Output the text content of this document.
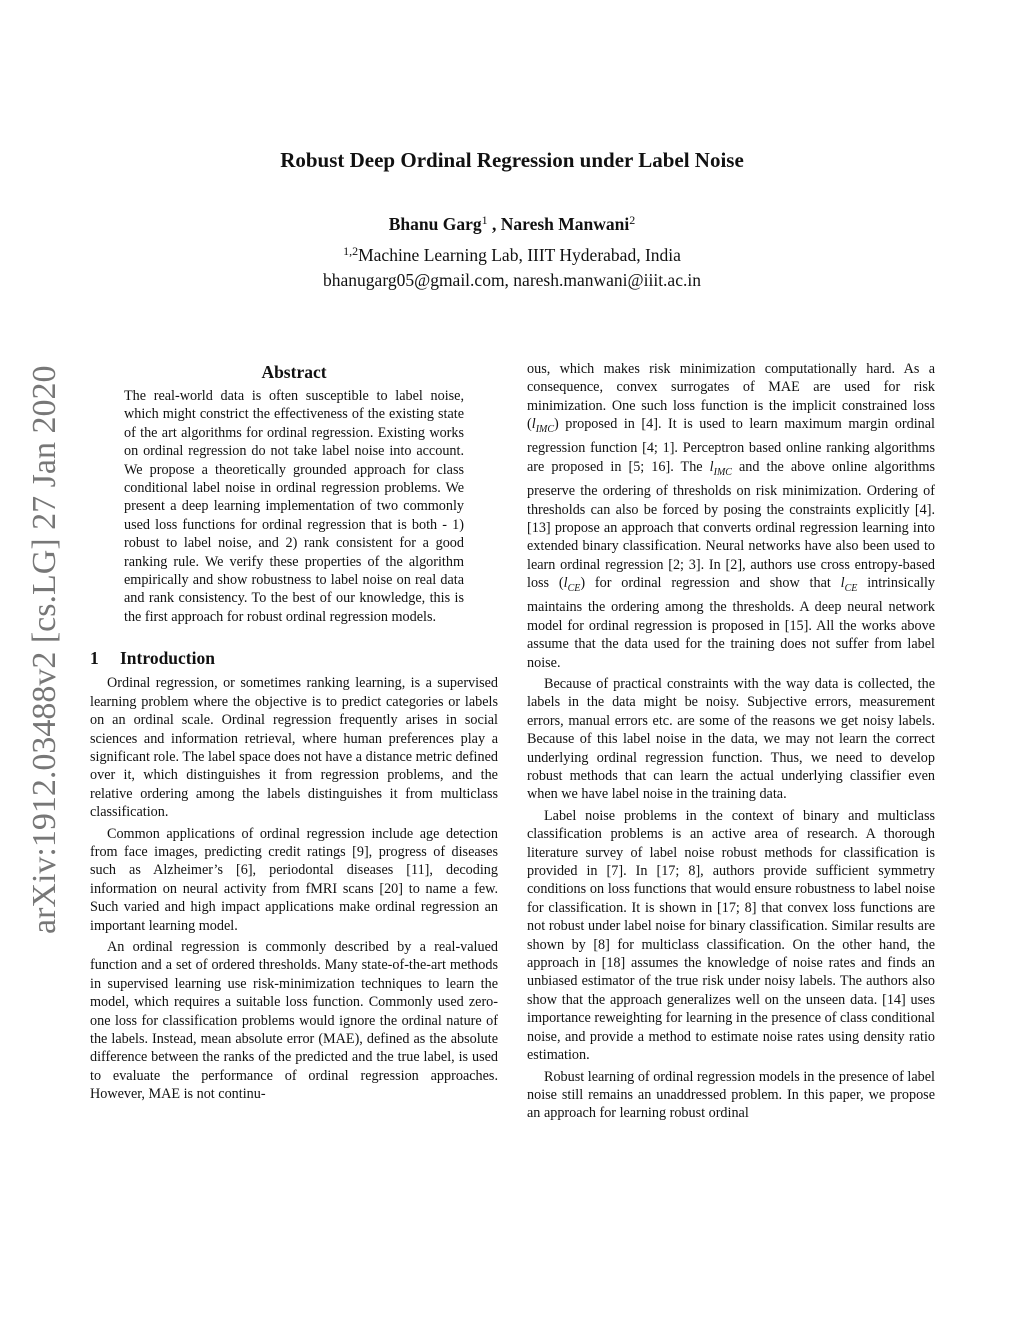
arXiv:1912.03488v2 [cs.LG] 27 Jan 2020
Robust Deep Ordinal Regression under Label Noise
Bhanu Garg$^1$ , Naresh Manwani$^2$
$^{1,2}$Machine Learning Lab, IIIT Hyderabad, India
bhanugarg05@gmail.com, naresh.manwani@iiit.ac.in
Abstract
The real-world data is often susceptible to label noise, which might constrict the effectiveness of the existing state of the art algorithms for ordinal regression. Existing works on ordinal regression do not take label noise into account. We propose a theoretically grounded approach for class conditional label noise in ordinal regression problems. We present a deep learning implementation of two commonly used loss functions for ordinal regression that is both - 1) robust to label noise, and 2) rank consistent for a good ranking rule. We verify these properties of the algorithm empirically and show robustness to label noise on real data and rank consistency. To the best of our knowledge, this is the first approach for robust ordinal regression models.
1 Introduction

Ordinal regression, or sometimes ranking learning, is a supervised learning problem where the objective is to predict categories or labels on an ordinal scale. Ordinal regression frequently arises in social sciences and information retrieval, where human preferences play a significant role. The label space does not have a distance metric defined over it, which distinguishes it from regression problems, and the relative ordering among the labels distinguishes it from multiclass classification.

Common applications of ordinal regression include age detection from face images, predicting credit ratings [9], progress of diseases such as Alzheimer’s [6], periodontal diseases [11], decoding information on neural activity from fMRI scans [20] to name a few. Such varied and high impact applications make ordinal regression an important learning model.

An ordinal regression is commonly described by a real-valued function and a set of ordered thresholds. Many state-of-the-art methods in supervised learning use risk-minimization techniques to learn the model, which requires a suitable loss function. Commonly used zero-one loss for classification problems would ignore the ordinal nature of the labels. Instead, mean absolute error (MAE), defined as the absolute difference between the ranks of the predicted and the true label, is used to evaluate the performance of ordinal regression approaches. However, MAE is not continu-

ous, which makes risk minimization computationally hard. As a consequence, convex surrogates of MAE are used for risk minimization. One such loss function is the implicit constrained loss $(l_{IMC})$ proposed in [4]. It is used to learn maximum margin ordinal regression function [4; 1]. Perceptron based online ranking algorithms are proposed in [5; 16]. The $l_{IMC}$ and the above online algorithms preserve the ordering of thresholds on risk minimization. Ordering of thresholds can also be forced by posing the constraints explicitly [4]. [13] propose an approach that converts ordinal regression learning into extended binary classification. Neural networks have also been used to learn ordinal regression [2; 3]. In [2], authors use cross entropy-based loss $(l_{CE})$ for ordinal regression and show that $l_{CE}$ intrinsically maintains the ordering among the thresholds. A deep neural network model for ordinal regression is proposed in [15]. All the works above assume that the data used for the training does not suffer from label noise.

Because of practical constraints with the way data is collected, the labels in the data might be noisy. Subjective errors, measurement errors, manual errors etc. are some of the reasons we get noisy labels. Because of this label noise in the data, we may not learn the correct underlying ordinal regression function. Thus, we need to develop robust methods that can learn the actual underlying classifier even when we have label noise in the training data.

Label noise problems in the context of binary and multiclass classification problems is an active area of research. A thorough literature survey of label noise robust methods for classification is provided in [7]. In [17; 8], authors provide sufficient symmetry conditions on loss functions that would ensure robustness to label noise for classification. It is shown in [17; 8] that convex loss functions are not robust under label noise for binary classification. Similar results are shown by [8] for multiclass classification. On the other hand, the approach in [18] assumes the knowledge of noise rates and finds an unbiased estimator of the true risk under noisy labels. The authors also show that the approach generalizes well on the unseen data. [14] uses importance reweighting for learning in the presence of class conditional noise, and provide a method to estimate noise rates using density ratio estimation.

Robust learning of ordinal regression models in the presence of label noise still remains an unaddressed problem. In this paper, we propose an approach for learning robust ordinal
